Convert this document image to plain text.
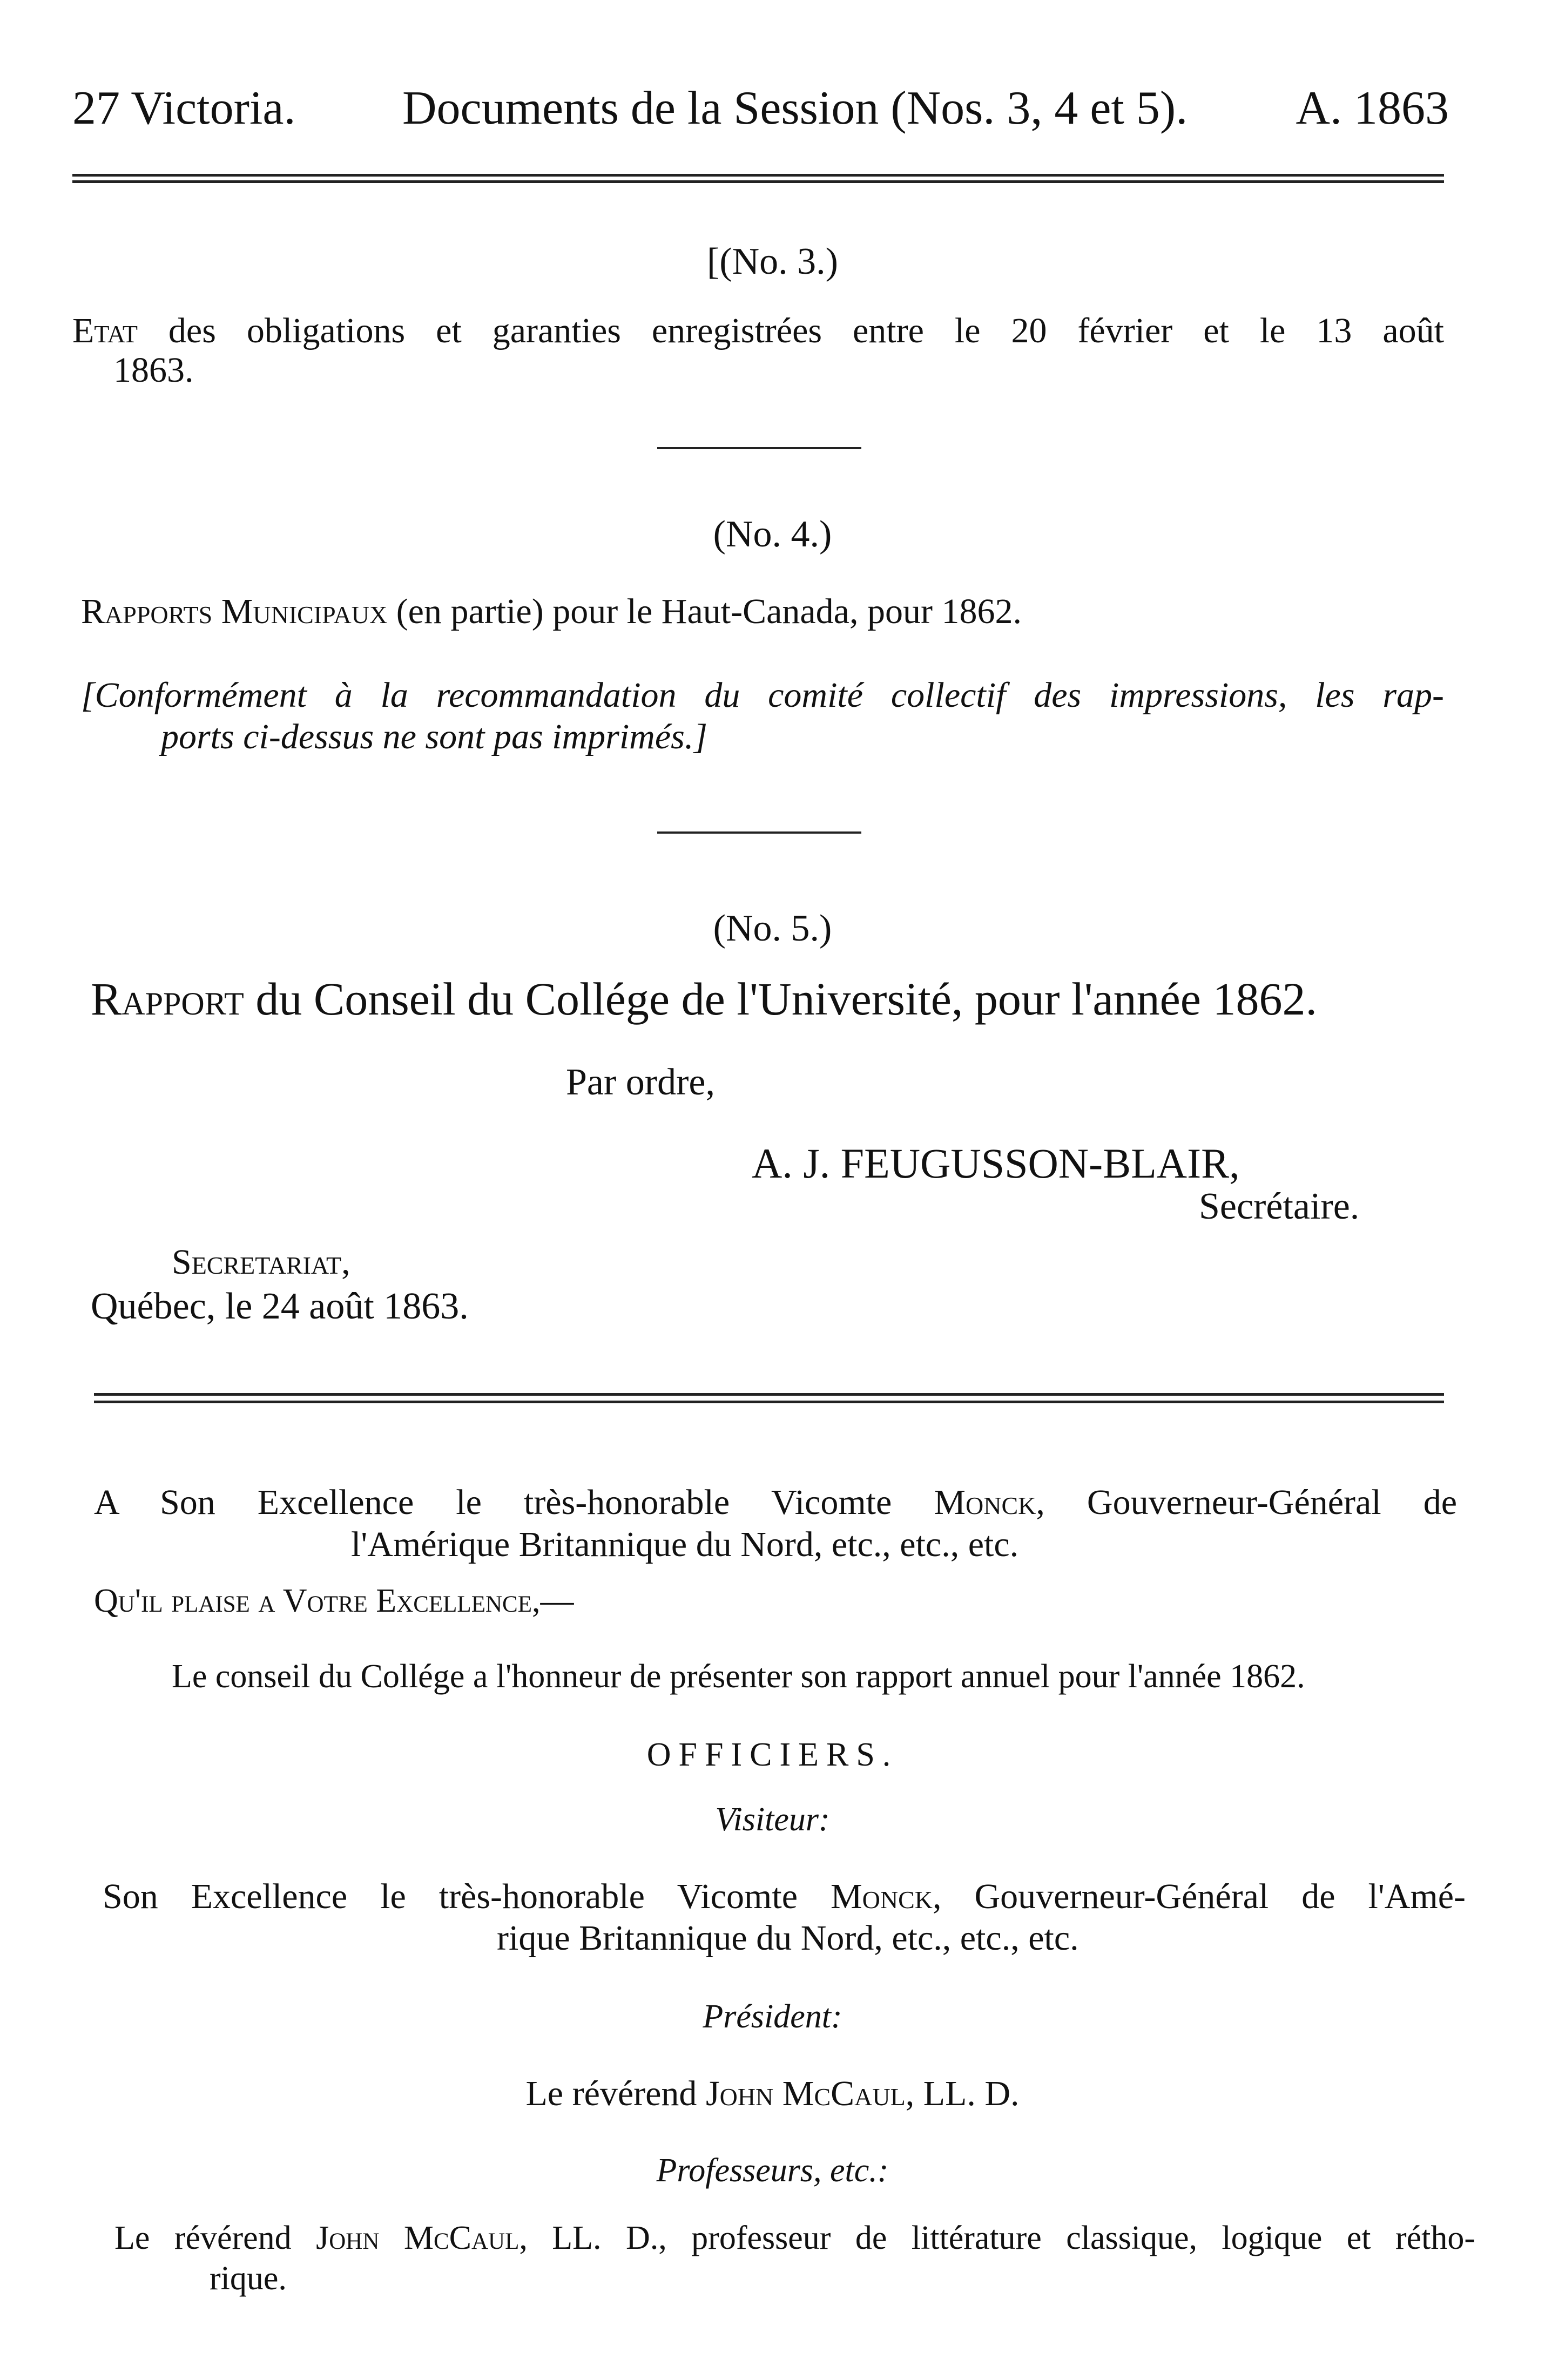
27 Victoria. Documents de la Session (Nos. 3, 4 et 5). A. 1863
[(No. 3.)
Etat des obligations et garanties enregistrées entre le 20 février et le 13 août
1863.
(No. 4.)
Rapports Municipaux (en partie) pour le Haut-Canada, pour 1862.
[Conformément à la recommandation du comité collectif des impressions, les rap-
ports ci-dessus ne sont pas imprimés.]
(No. 5.)
Rapport du Conseil du Collége de l'Université, pour l'année 1862.
Par ordre,
A. J. FEUGUSSON-BLAIR,
Secrétaire.
Secretariat,
Québec, le 24 août 1863.
A Son Excellence le très-honorable Vicomte Monck, Gouverneur-Général de
l'Amérique Britannique du Nord, etc., etc., etc.
Qu'il plaise a Votre Excellence,—
Le conseil du Collége a l'honneur de présenter son rapport annuel pour l'année 1862.
OFFICIERS.
Visiteur:
Son Excellence le très-honorable Vicomte Monck, Gouverneur-Général de l'Amé-
rique Britannique du Nord, etc., etc., etc.
Président:
Le révérend John McCaul, LL. D.
Professeurs, etc.:
Le révérend John McCaul, LL. D., professeur de littérature classique, logique et rétho-
rique.
